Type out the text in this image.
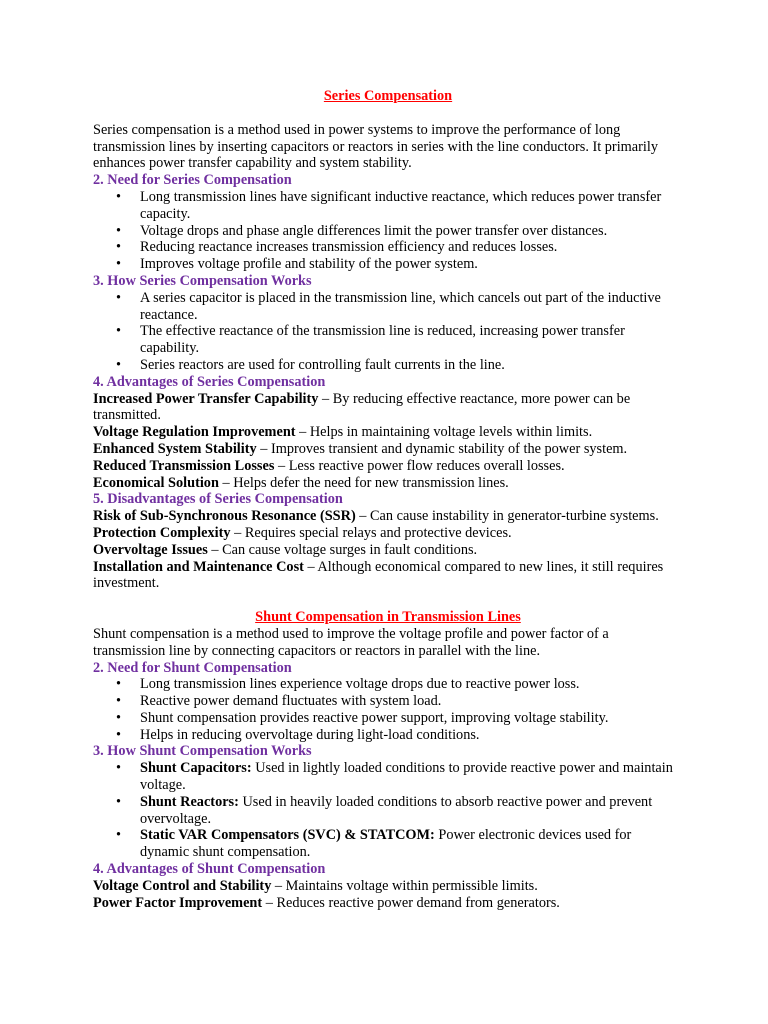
Series Compensation

Series compensation is a method used in power systems to improve the performance of long transmission lines by inserting capacitors or reactors in series with the line conductors. It primarily enhances power transfer capability and system stability.

2. Need for Series Compensation

• Long transmission lines have significant inductive reactance, which reduces power transfer capacity.
• Voltage drops and phase angle differences limit the power transfer over distances.
• Reducing reactance increases transmission efficiency and reduces losses.
• Improves voltage profile and stability of the power system.

3. How Series Compensation Works

• A series capacitor is placed in the transmission line, which cancels out part of the inductive reactance.
• The effective reactance of the transmission line is reduced, increasing power transfer capability.
• Series reactors are used for controlling fault currents in the line.

4. Advantages of Series Compensation

Increased Power Transfer Capability – By reducing effective reactance, more power can be transmitted.

Voltage Regulation Improvement – Helps in maintaining voltage levels within limits.

Enhanced System Stability – Improves transient and dynamic stability of the power system.

Reduced Transmission Losses – Less reactive power flow reduces overall losses.

Economical Solution – Helps defer the need for new transmission lines.

5. Disadvantages of Series Compensation

Risk of Sub-Synchronous Resonance (SSR) – Can cause instability in generator-turbine systems.

Protection Complexity – Requires special relays and protective devices.

Overvoltage Issues – Can cause voltage surges in fault conditions.

Installation and Maintenance Cost – Although economical compared to new lines, it still requires investment.

Shunt Compensation in Transmission Lines

Shunt compensation is a method used to improve the voltage profile and power factor of a transmission line by connecting capacitors or reactors in parallel with the line.

2. Need for Shunt Compensation

• Long transmission lines experience voltage drops due to reactive power loss.
• Reactive power demand fluctuates with system load.
• Shunt compensation provides reactive power support, improving voltage stability.
• Helps in reducing overvoltage during light-load conditions.

3. How Shunt Compensation Works

• Shunt Capacitors: Used in lightly loaded conditions to provide reactive power and maintain voltage.
• Shunt Reactors: Used in heavily loaded conditions to absorb reactive power and prevent overvoltage.
• Static VAR Compensators (SVC) & STATCOM: Power electronic devices used for dynamic shunt compensation.

4. Advantages of Shunt Compensation

Voltage Control and Stability – Maintains voltage within permissible limits.

Power Factor Improvement – Reduces reactive power demand from generators.
